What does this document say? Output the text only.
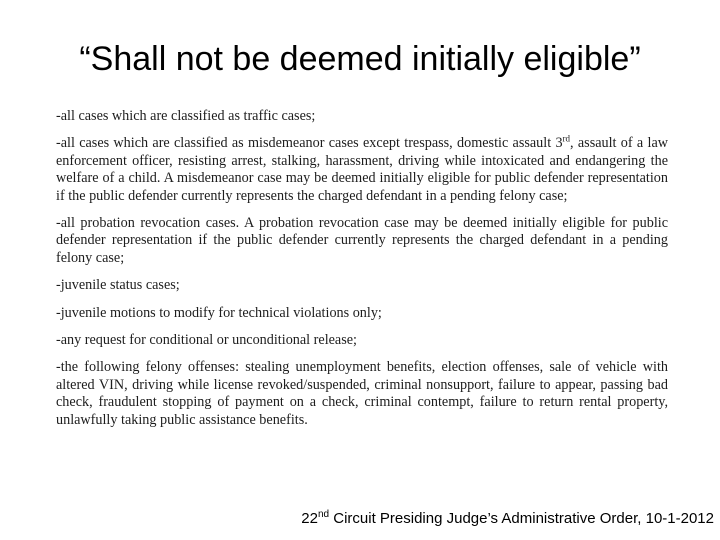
“Shall not be deemed initially eligible”

-all cases which are classified as traffic cases;

-all cases which are classified as misdemeanor cases except trespass, domestic assault 3rd, assault of a law enforcement officer, resisting arrest, stalking, harassment, driving while intoxicated and endangering the welfare of a child. A misdemeanor case may be deemed initially eligible for public defender representation if the public defender currently represents the charged defendant in a pending felony case;

-all probation revocation cases. A probation revocation case may be deemed initially eligible for public defender representation if the public defender currently represents the charged defendant in a pending felony case;

-juvenile status cases;

-juvenile motions to modify for technical violations only;

-any request for conditional or unconditional release;

-the following felony offenses: stealing unemployment benefits, election offenses, sale of vehicle with altered VIN, driving while license revoked/suspended, criminal nonsupport, failure to appear, passing bad check, fraudulent stopping of payment on a check, criminal contempt, failure to return rental property, unlawfully taking public assistance benefits.

22nd Circuit Presiding Judge’s Administrative Order, 10-1-2012
